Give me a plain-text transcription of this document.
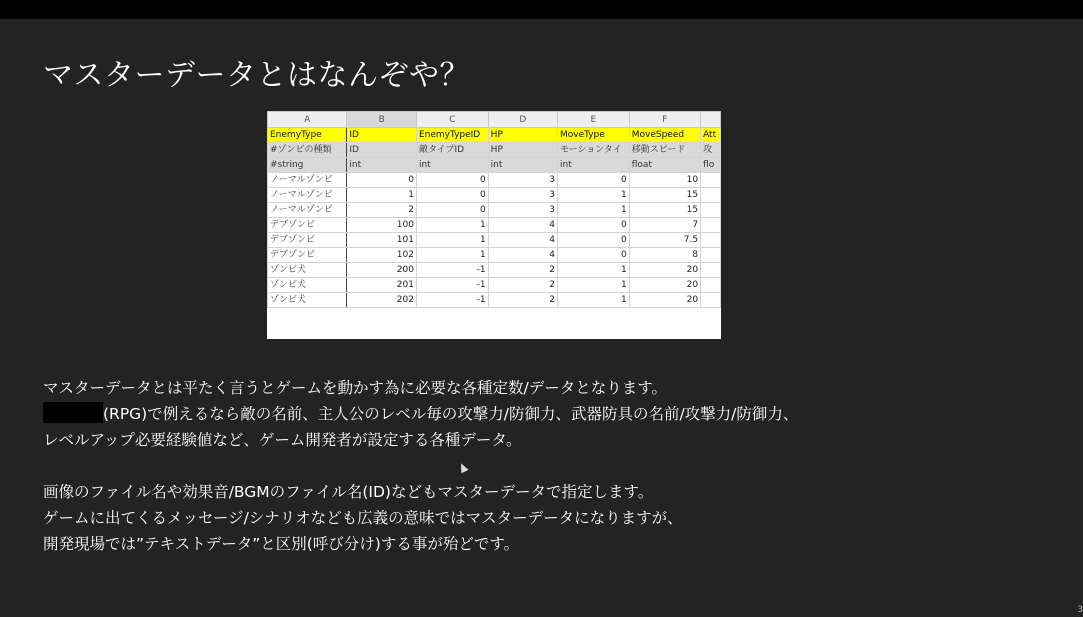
マスターデータとはなんぞや？
A	B	C	D	E	F	
EnemyType	ID	EnemyTypeID	HP	MoveType	MoveSpeed	Att
#ゾンビの種類	ID	敵タイプID	HP	モーションタイ	移動スピード	攻
#string	int	int	int	int	float	flo
ノーマルゾンビ	0	0	3	0	10	
ノーマルゾンビ	1	0	3	1	15	
ノーマルゾンビ	2	0	3	1	15	
デブゾンビ	100	1	4	0	7	
デブゾンビ	101	1	4	0	7.5	
デブゾンビ	102	1	4	0	8	
ゾンビ犬	200	-1	2	1	20	
ゾンビ犬	201	-1	2	1	20	
ゾンビ犬	202	-1	2	1	20	

マスターデータとは平たく言うとゲームを動かす為に必要な各種定数/データとなります。

(RPG)で例えるなら敵の名前、主人公のレベル毎の攻撃力/防御力、武器防具の名前/攻撃力/防御力、

レベルアップ必要経験値など、ゲーム開発者が設定する各種データ。

画像のファイル名や効果音/BGMのファイル名(ID)などもマスターデータで指定します。

ゲームに出てくるメッセージ/シナリオなども広義の意味ではマスターデータになりますが、

開発現場では”テキストデータ”と区別(呼び分け)する事が殆どです。

3
